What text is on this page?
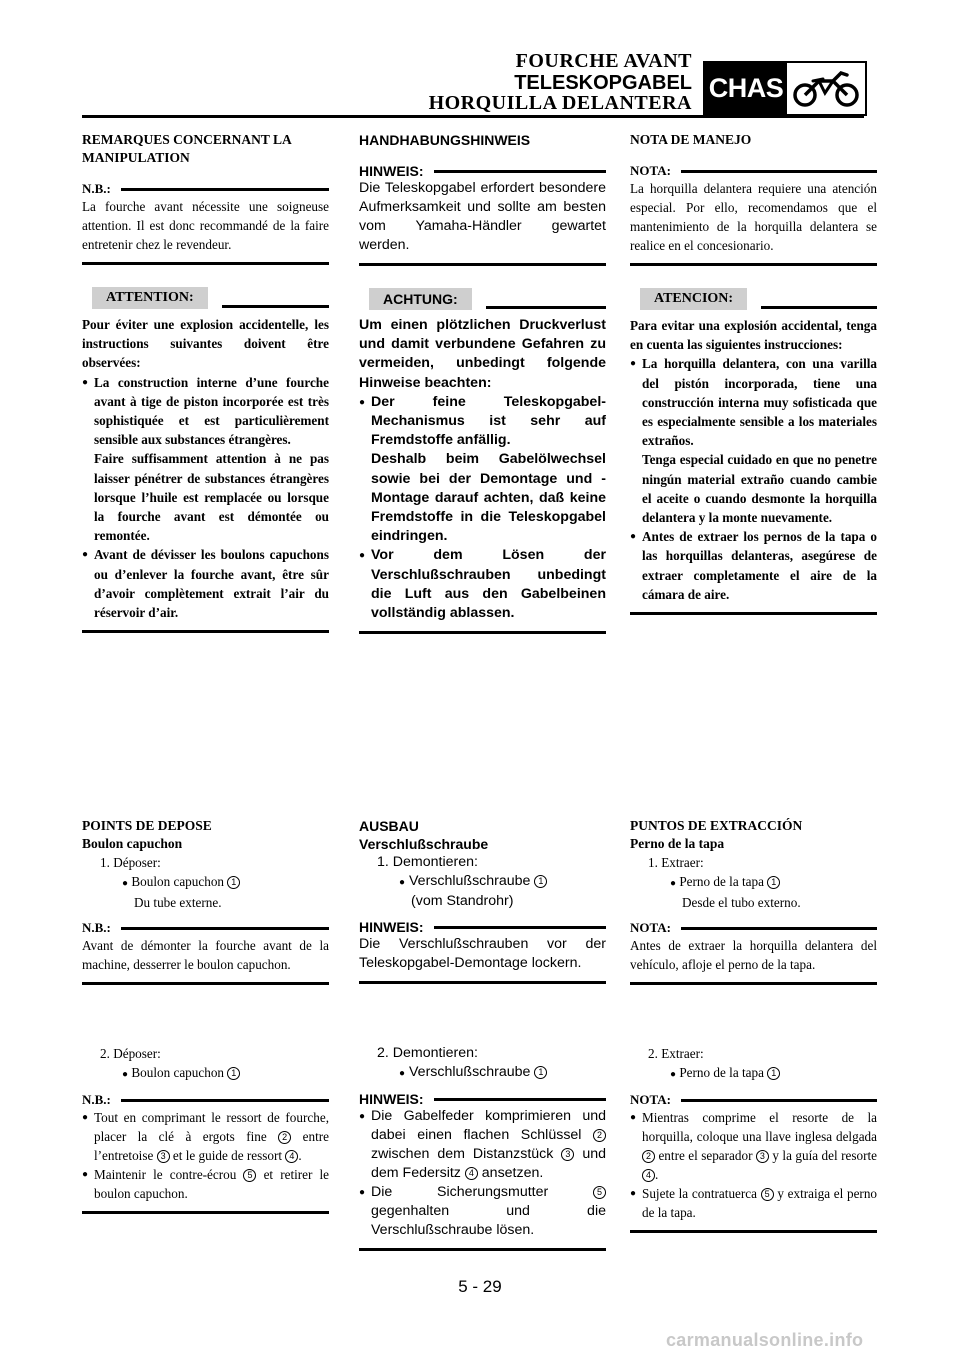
FOURCHE AVANT
TELESKOPGABEL
HORQUILLA DELANTERA CHAS

REMARQUES CONCERNANT LA
MANIPULATION

N.B.:

La fourche avant nécessite une soigneuse attention. Il est donc recommandé de la faire entretenir chez le revendeur.

ATTENTION:

Pour éviter une explosion accidentelle, les instructions suivantes doivent être observées:

● La construction interne d’une fourche avant à tige de piston incorporée est très sophistiquée et est particulièrement sensible aux substances étrangères.
Faire suffisamment attention à ne pas laisser pénétrer de substances étrangères lorsque l’huile est remplacée ou lorsque la fourche avant est démontée ou remontée.
● Avant de dévisser les boulons capuchons ou d’enlever la fourche avant, être sûr d’avoir complètement extrait l’air du réservoir d’air.

HANDHABUNGSHINWEIS

HINWEIS:

Die Teleskopgabel erfordert besondere Aufmerksamkeit und sollte am besten vom Yamaha-Händler gewartet werden.

ACHTUNG:

Um einen plötzlichen Druckverlust und damit verbundene Gefahren zu vermeiden, unbedingt folgende Hinweise beachten:

● Der feine Teleskopgabel-Mechanismus ist sehr auf Fremdstoffe anfällig.
Deshalb beim Gabelölwechsel sowie bei der Demontage und -Montage darauf achten, daß keine Fremdstoffe in die Teleskopgabel eindringen.
● Vor dem Lösen der Verschlußschrauben unbedingt die Luft aus den Gabelbeinen vollständig ablassen.

NOTA DE MANEJO

NOTA:

La horquilla delantera requiere una atención especial. Por ello, recomendamos que el mantenimiento de la horquilla delantera se realice en el concesionario.

ATENCION:

Para evitar una explosión accidental, tenga en cuenta las siguientes instrucciones:

● La horquilla delantera, con una varilla del pistón incorporada, tiene una construcción interna muy sofisticada que es especialmente sensible a los materiales extraños.
Tenga especial cuidado en que no penetre ningún material extraño cuando cambie el aceite o cuando desmonte la horquilla delantera y la monte nuevamente.
● Antes de extraer los pernos de la tapa o las horquillas delanteras, asegúrese de extraer completamente el aire de la cámara de aire.

POINTS DE DEPOSE

Boulon capuchon

1. Déposer:
● Boulon capuchon 1
Du tube externe.
N.B.:

Avant de démonter la fourche avant de la machine, desserrer le boulon capuchon.

AUSBAU

Verschlußschraube

1. Demontieren:
● Verschlußschraube 1
(vom Standrohr)
HINWEIS:

Die Verschlußschrauben vor der Teleskopgabel-Demontage lockern.

PUNTOS DE EXTRACCIÓN

Perno de la tapa

1. Extraer:
● Perno de la tapa 1
Desde el tubo externo.
NOTA:

Antes de extraer la horquilla delantera del vehículo, afloje el perno de la tapa.

2. Déposer:
● Boulon capuchon 1
N.B.:
● Tout en comprimant le ressort de fourche, placer la clé à ergots fine 2 entre l’entretoise 3 et le guide de ressort 4 .
● Maintenir le contre-écrou 5 et retirer le boulon capuchon.
2. Demontieren:
● Verschlußschraube 1
HINWEIS:
● Die Gabelfeder komprimieren und dabei einen flachen Schlüssel 2 zwischen dem Distanzstück 3 und dem Federsitz 4 ansetzen.
● Die Sicherungsmutter	5 gegenhalten und die Verschlußschraube lösen.
2. Extraer:
● Perno de la tapa 1
NOTA:
● Mientras comprime el resorte de la horquilla, coloque una llave inglesa delgada 2 entre el separador 3 y la guía del resorte 4 .
● Sujete la contratuerca 5 y extraiga el perno de la tapa.
5 - 29
carmanualsonline.info
